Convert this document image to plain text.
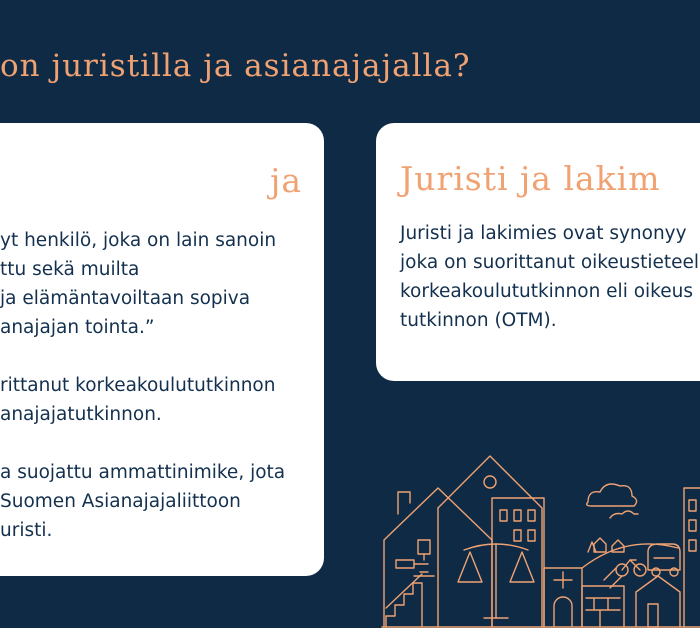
on juristilla ja asianajajalla?
ja
yt henkilö, joka on lain sanoin
ttu sekä muilta
ja elämäntavoiltaan sopiva
anajajan tointa.”
rittanut korkeakoulututkinnon
anajajatutkinnon.
a suojattu ammattinimike, jota
Suomen Asianajajaliittoon
uristi.
Juristi ja lakim
Juristi ja lakimies ovat synonyy
joka on suorittanut oikeustieteel
korkeakoulututkinnon eli oikeus
tutkinnon (OTM).
